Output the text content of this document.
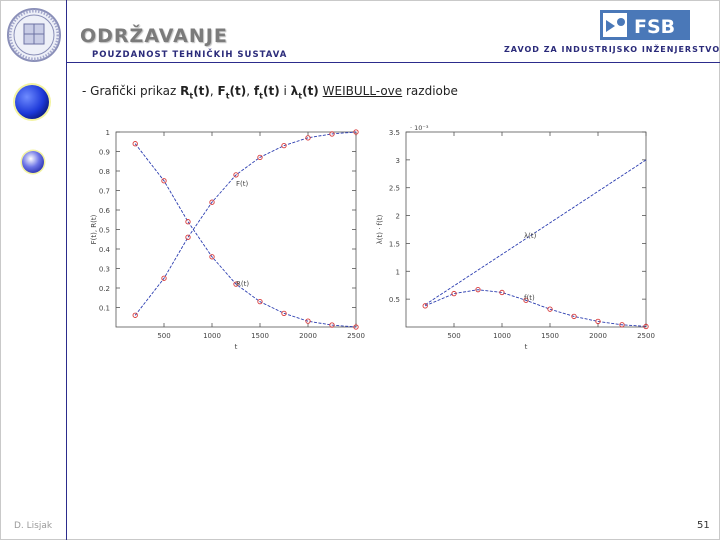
ODRŽAVANJE
POUZDANOST TEHNIČKIH SUSTAVA
FSB
ZAVOD ZA INDUSTRIJSKO INŽENJERSTVO
- Grafički prikaz $R_t(t)$, $F_t(t)$, $f_t(t)$ i $\lambda_t(t)$ WEIBULL-ove razdiobe
0.1
0.2
0.3
0.4
0.5
0.6
0.7
0.8
0.9
1
500	1000	1500	2000	2500
t
F(t), R(t)
F(t)
R(t)
0.5
1
1.5
2
2.5
3
3.5
500	1000	1500	2000	2500
t
λ(t) · f(t)
· 10⁻³
λ(t)
f(t)
D. Lisjak	51
